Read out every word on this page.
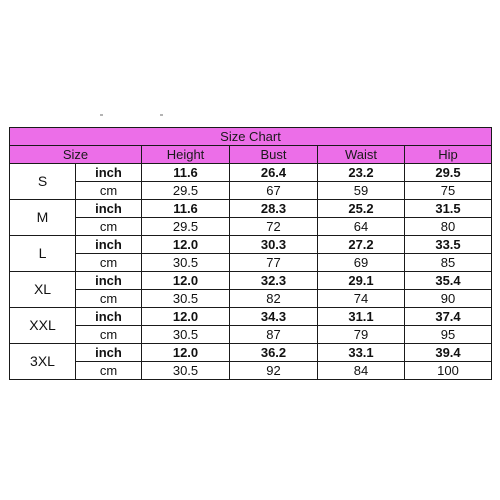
Size Chart					
Size		Height	Bust	Waist	Hip
S	inch	11.6	26.4	23.2	29.5
	cm	29.5	67	59	75
M	inch	11.6	28.3	25.2	31.5
	cm	29.5	72	64	80
L	inch	12.0	30.3	27.2	33.5
	cm	30.5	77	69	85
XL	inch	12.0	32.3	29.1	35.4
	cm	30.5	82	74	90
XXL	inch	12.0	34.3	31.1	37.4
	cm	30.5	87	79	95
3XL	inch	12.0	36.2	33.1	39.4
	cm	30.5	92	84	100
